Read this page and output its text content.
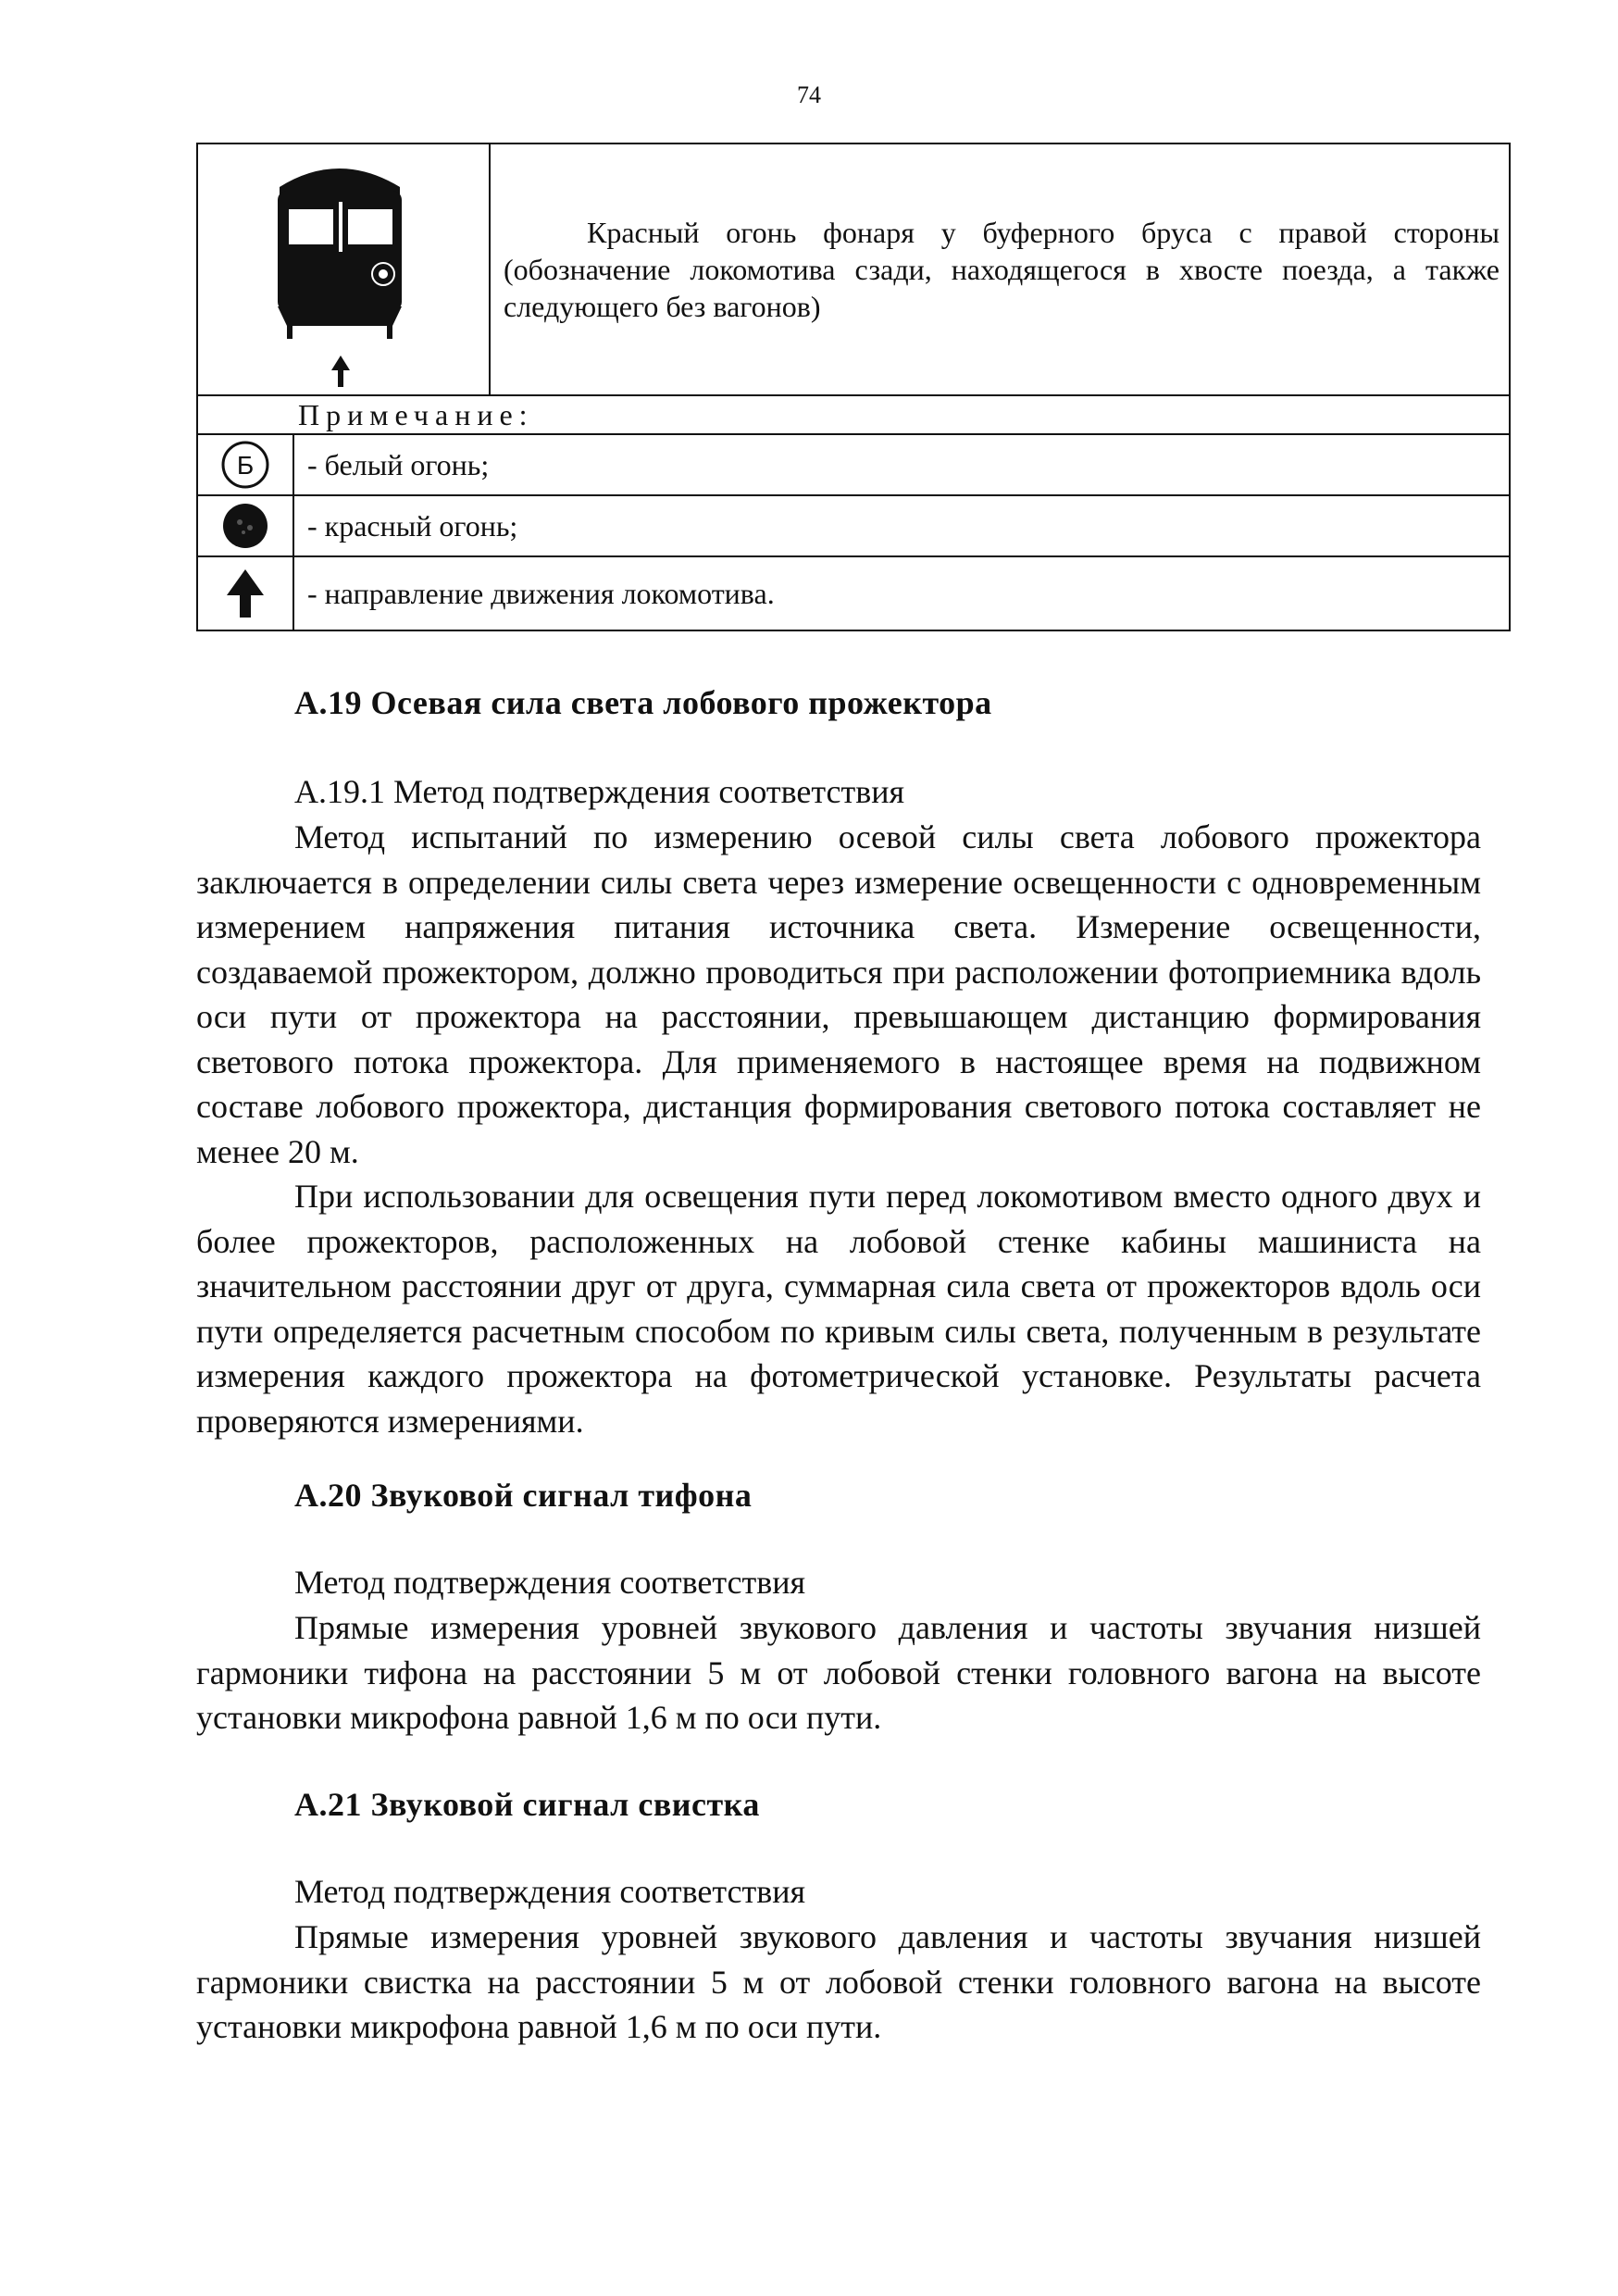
74

Красный огонь фонаря у буферного бруса с правой стороны (обозначение локомотива сзади, находящегося в хвосте поезда, а также следующего без вагонов)

Примечание:		

Б	- белый огонь;	
	- красный огонь;	
	- направление движения локомотива.	
А.19 Осевая сила света лобового прожектора
А.19.1 Метод подтверждения соответствия
Метод испытаний по измерению осевой силы света лобового прожектора заключается в определении силы света через измерение освещенности с одновременным измерением напряжения питания источника света. Измерение освещенности, создаваемой прожектором, должно проводиться при расположении фотоприемника вдоль оси пути от прожектора на расстоянии, превышающем дистанцию формирования светового потока прожектора. Для применяемого в настоящее время на подвижном составе лобового прожектора, дистанция формирования светового потока составляет не менее 20 м.
При использовании для освещения пути перед локомотивом вместо одного двух и более прожекторов, расположенных на лобовой стенке кабины машиниста на значительном расстоянии друг от друга, суммарная сила света от прожекторов вдоль оси пути определяется расчетным способом по кривым силы света, полученным в результате измерения каждого прожектора на фотометрической установке. Результаты расчета проверяются измерениями.
А.20 Звуковой сигнал тифона
Метод подтверждения соответствия
Прямые измерения уровней звукового давления и частоты звучания низшей гармоники тифона на расстоянии 5 м от лобовой стенки головного вагона на высоте установки микрофона равной 1,6 м по оси пути.
А.21 Звуковой сигнал свистка
Метод подтверждения соответствия
Прямые измерения уровней звукового давления и частоты звучания низшей гармоники свистка на расстоянии 5 м от лобовой стенки головного вагона на высоте установки микрофона равной 1,6 м по оси пути.
